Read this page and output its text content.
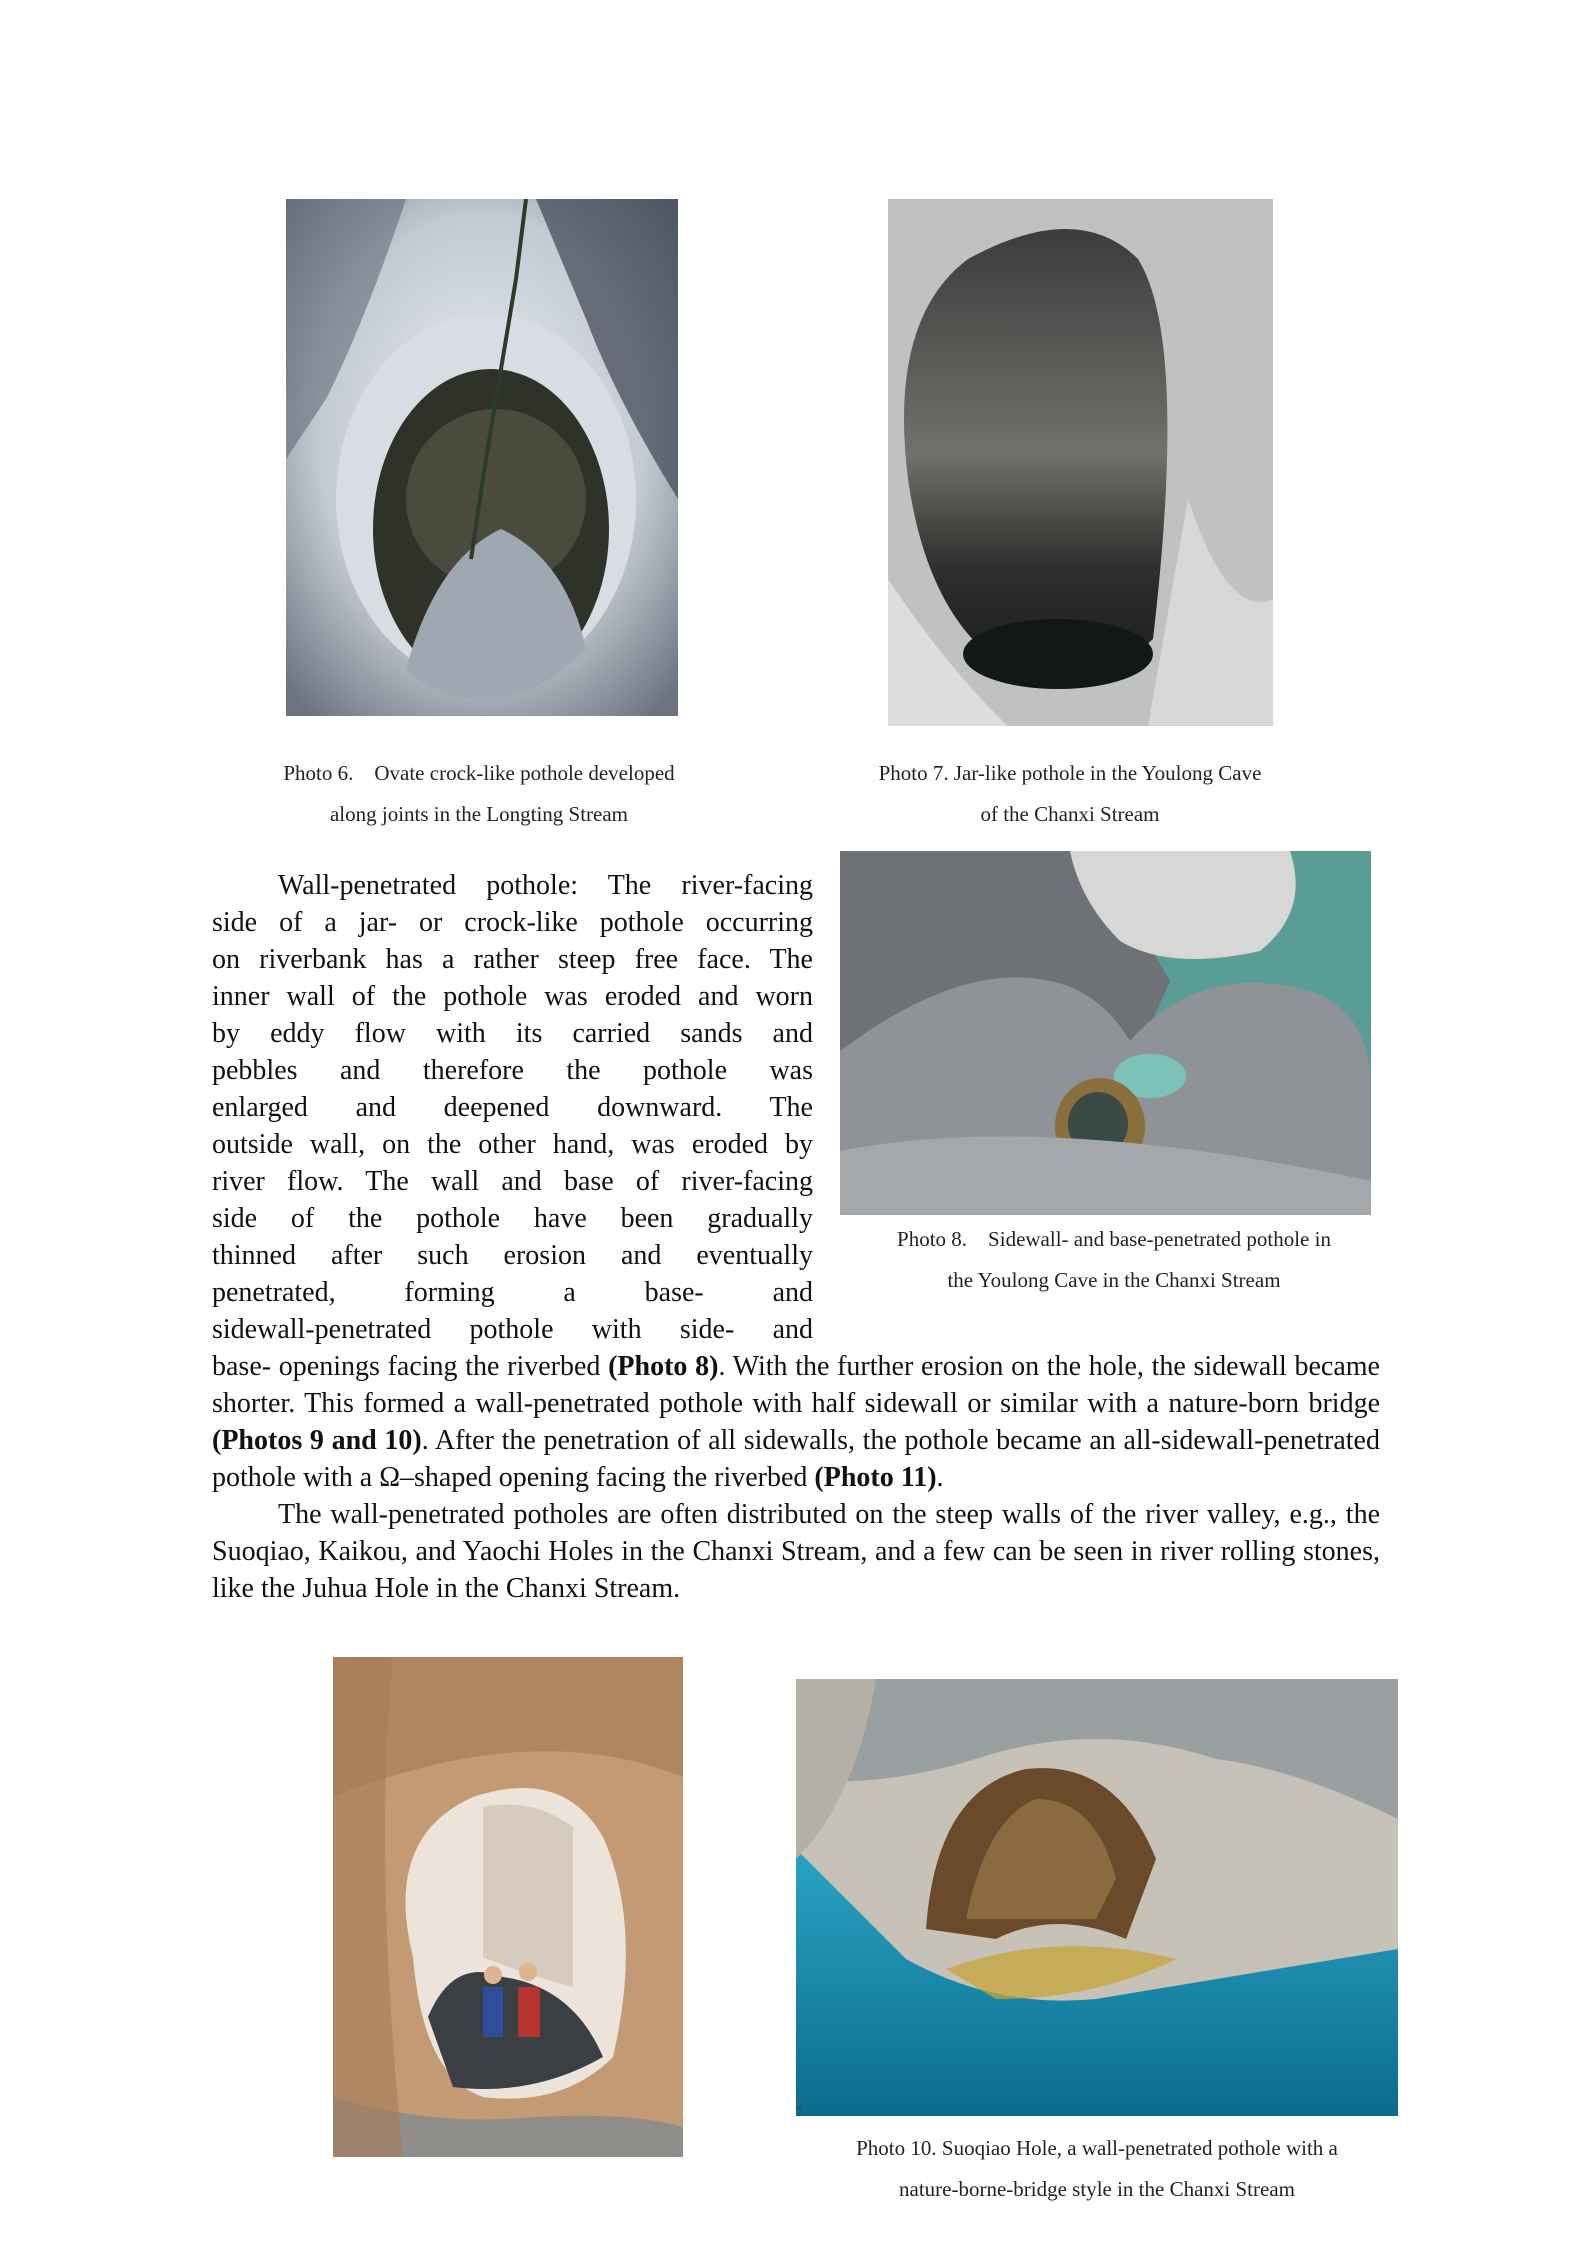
Photo 6.    Ovate crock-like pothole developed
along joints in the Longting Stream
Photo 7. Jar-like pothole in the Youlong Cave
of the Chanxi Stream
Photo 8.    Sidewall- and base-penetrated pothole in
the Youlong Cave in the Chanxi Stream

Wall-penetrated pothole: The river-facing

side of a jar- or crock-like pothole occurring

on riverbank has a rather steep free face. The

inner wall of the pothole was eroded and worn

by eddy flow with its carried sands and

pebbles and therefore the pothole was

enlarged and deepened downward. The

outside wall, on the other hand, was eroded by

river flow. The wall and base of river-facing

side of the pothole have been gradually

thinned after such erosion and eventually

penetrated, forming a base- and

sidewall-penetrated pothole with side- and

base- openings facing the riverbed (Photo 8). With the further erosion on the hole, the sidewall became shorter. This formed a wall-penetrated pothole with half sidewall or similar with a nature-born bridge (Photos 9 and 10). After the penetration of all sidewalls, the pothole became an all-sidewall-penetrated pothole with a Ω–shaped opening facing the riverbed (Photo 11).

The wall-penetrated potholes are often distributed on the steep walls of the river valley, e.g., the Suoqiao, Kaikou, and Yaochi Holes in the Chanxi Stream, and a few can be seen in river rolling stones, like the Juhua Hole in the Chanxi Stream.

7
Photo 10. Suoqiao Hole, a wall-penetrated pothole with a
nature-borne-bridge style in the Chanxi Stream
